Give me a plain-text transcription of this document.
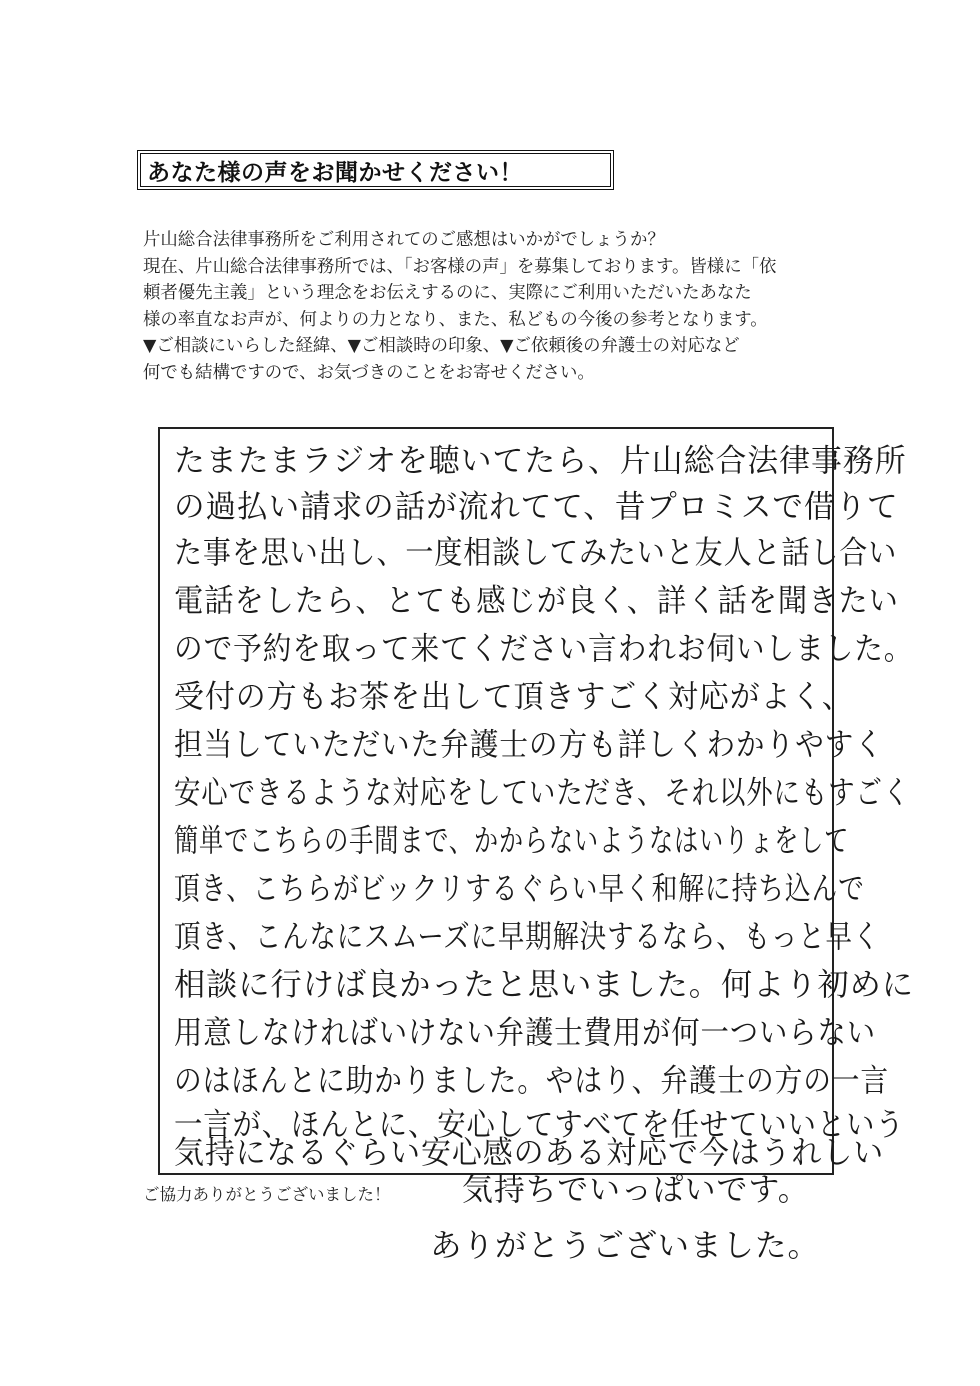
あなた様の声をお聞かせください！
片山総合法律事務所をご利用されてのご感想はいかがでしょうか？
現在、片山総合法律事務所では、「お客様の声」を募集しております。皆様に「依
頼者優先主義」という理念をお伝えするのに、実際にご利用いただいたあなた
様の率直なお声が、何よりの力となり、また、私どもの今後の参考となります。
▼ご相談にいらした経緯、▼ご相談時の印象、▼ご依頼後の弁護士の対応など
何でも結構ですので、お気づきのことをお寄せください。
たまたまラジオを聴いてたら、片山総合法律事務所
の過払い請求の話が流れてて、昔プロミスで借りて
た事を思い出し、一度相談してみたいと友人と話し合い
電話をしたら、とても感じが良く、詳く話を聞きたい
ので予約を取って来てください言われお伺いしました。
受付の方もお茶を出して頂きすごく対応がよく、
担当していただいた弁護士の方も詳しくわかりやすく
安心できるような対応をしていただき、それ以外にもすごく
簡単でこちらの手間まで、かからないようなはいりょをして
頂き、こちらがビックリするぐらい早く和解に持ち込んで
頂き、こんなにスムーズに早期解決するなら、もっと早く
相談に行けば良かったと思いました。何より初めに
用意しなければいけない弁護士費用が何一ついらない
のはほんとに助かりました。やはり、弁護士の方の一言
一言が、ほんとに、安心してすべてを任せていいという
気持になるぐらい安心感のある対応で今はうれしい
ご協力ありがとうございました！ 気持ちでいっぱいです。
ありがとうございました。
